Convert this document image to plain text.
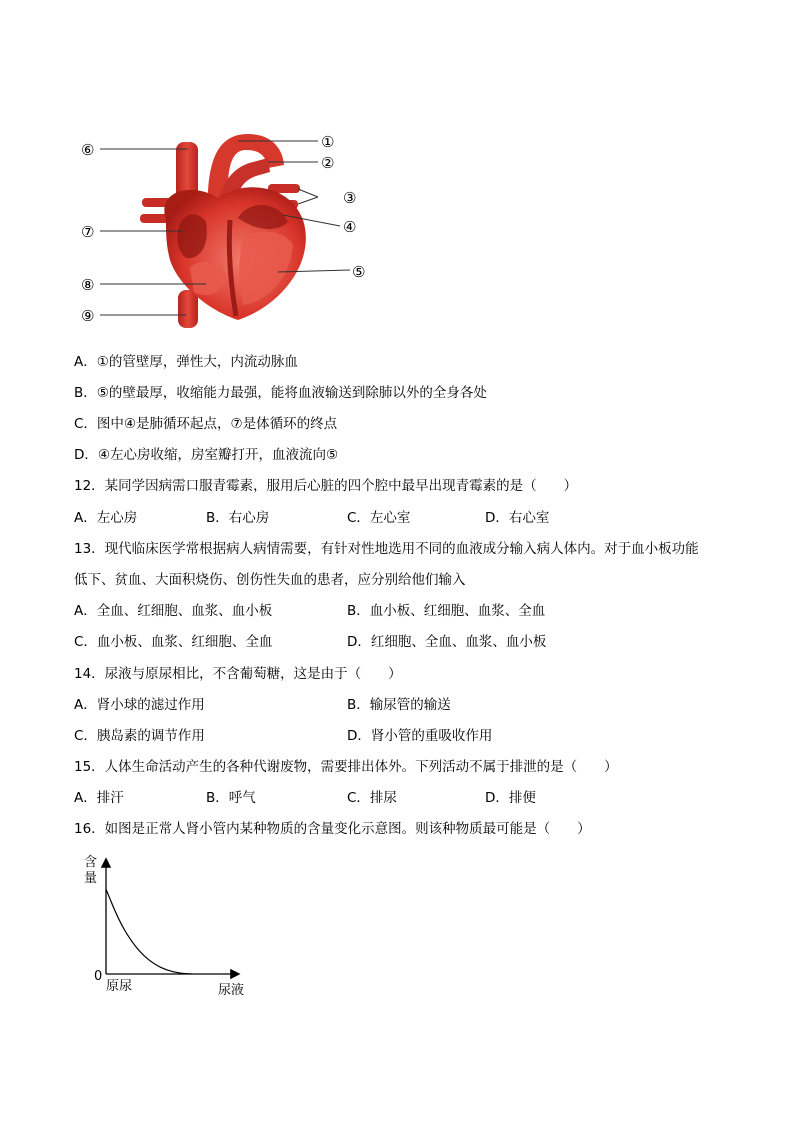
①
②
③
④
⑤
⑥
⑦
⑧
⑨
A．①的管壁厚，弹性大，内流动脉血
B．⑤的壁最厚，收缩能力最强，能将血液输送到除肺以外的全身各处
C．图中④是肺循环起点，⑦是体循环的终点
D．④左心房收缩，房室瓣打开，血液流向⑤
12．某同学因病需口服青霉素，服用后心脏的四个腔中最早出现青霉素的是（　　）
A．左心房	B．右心房	C．左心室	D．右心室
13．现代临床医学常根据病人病情需要，有针对性地选用不同的血液成分输入病人体内。对于血小板功能
低下、贫血、大面积烧伤、创伤性失血的患者，应分别给他们输入
A．全血、红细胞、血浆、血小板	B．血小板、红细胞、血浆、全血
C．血小板、血浆、红细胞、全血	D．红细胞、全血、血浆、血小板
14．尿液与原尿相比，不含葡萄糖，这是由于（　　）
A．肾小球的滤过作用	B．输尿管的输送
C．胰岛素的调节作用	D．肾小管的重吸收作用
15．人体生命活动产生的各种代谢废物，需要排出体外。下列活动不属于排泄的是（　　）
A．排汗	B．呼气	C．排尿	D．排便
16．如图是正常人肾小管内某种物质的含量变化示意图。则该种物质最可能是（　　）
含
量
0
原尿	尿液
